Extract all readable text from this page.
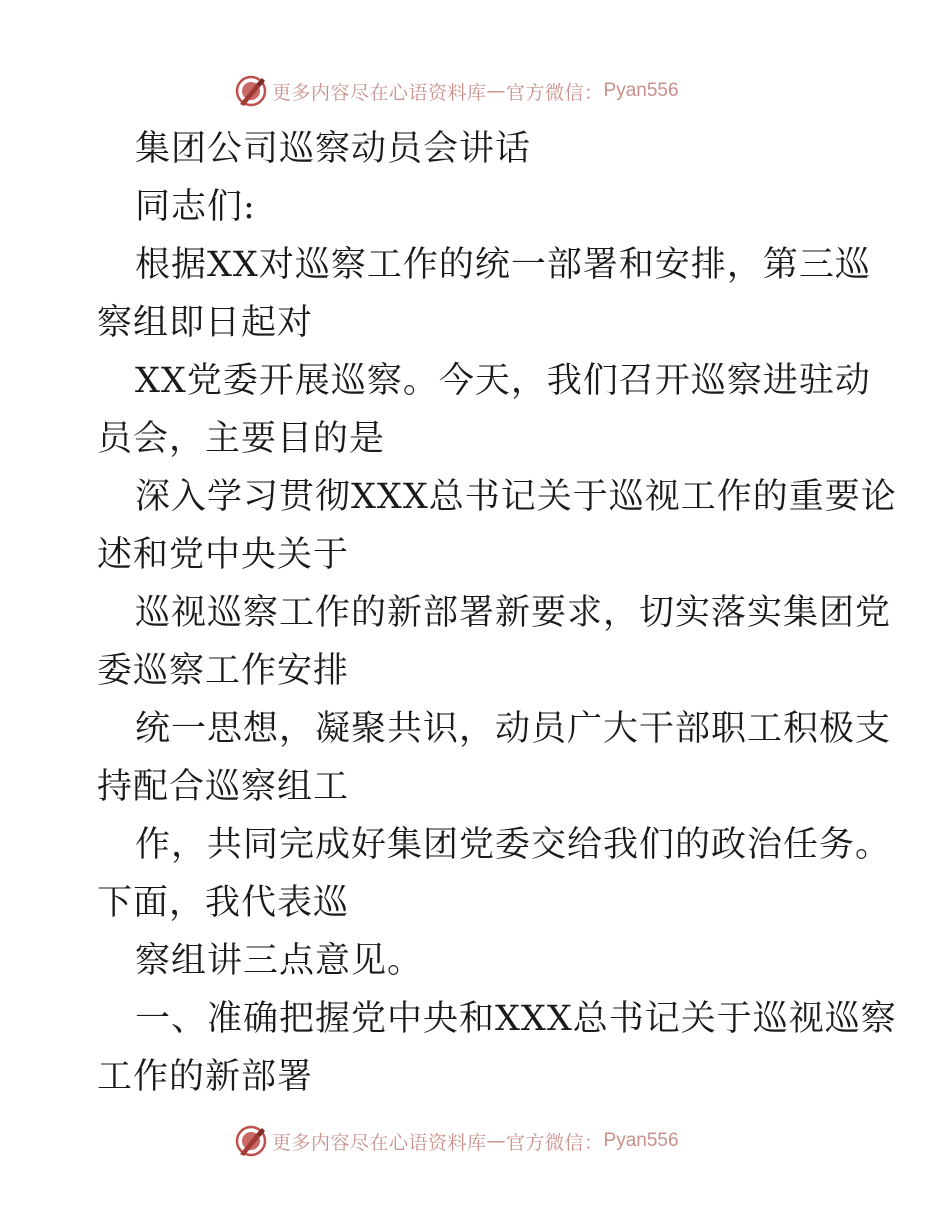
更多内容尽在心语资料库 — 官方微信： Pyan556
集团公司巡察动员会讲话
同志们:
根据XX对巡察工作的统一部署和安排，第三巡
察组即日起对
XX党委开展巡察。今天，我们召开巡察进驻动
员会，主要目的是
深入学习贯彻XXX总书记关于巡视工作的重要论
述和党中央关于
巡视巡察工作的新部署新要求，切实落实集团党
委巡察工作安排
统一思想，凝聚共识，动员广大干部职工积极支
持配合巡察组工
作，共同完成好集团党委交给我们的政治任务。
下面，我代表巡
察组讲三点意见。
一、准确把握党中央和XXX总书记关于巡视巡察
工作的新部署
更多内容尽在心语资料库 — 官方微信： Pyan556
